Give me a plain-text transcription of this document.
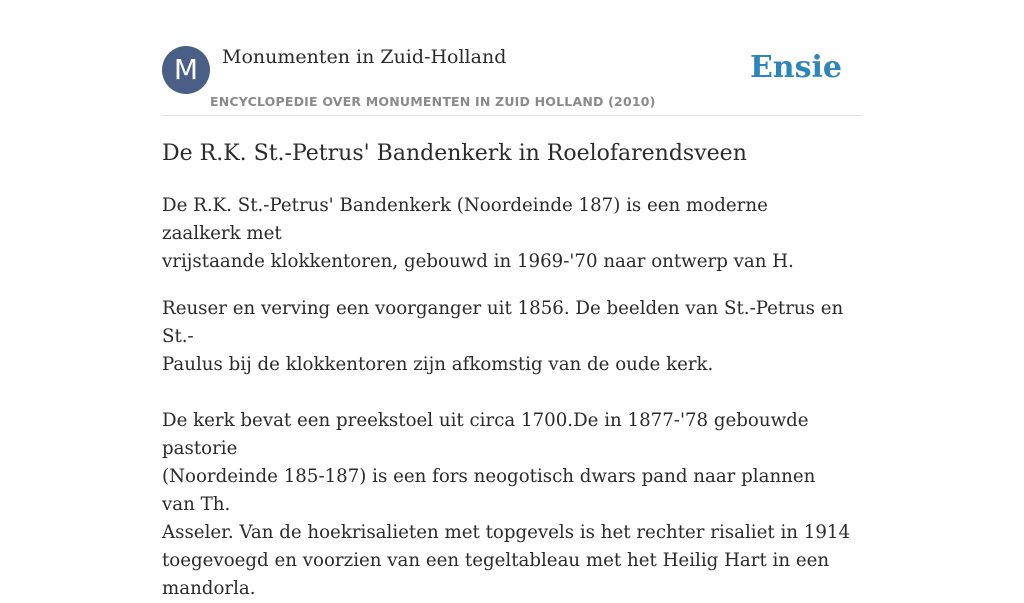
M	Monumenten in Zuid-Holland
ENCYCLOPEDIE OVER MONUMENTEN IN ZUID HOLLAND (2010)
Ensie
De R.K. St.-Petrus' Bandenkerk in Roelofarendsveen

De R.K. St.-Petrus' Bandenkerk (Noordeinde 187) is een moderne zaalkerk met
vrijstaande klokkentoren, gebouwd in 1969-'70 naar ontwerp van H.

Reuser en verving een voorganger uit 1856. De beelden van St.-Petrus en St.-
Paulus bij de klokkentoren zijn afkomstig van de oude kerk.

De kerk bevat een preekstoel uit circa 1700.De in 1877-'78 gebouwde pastorie
(Noordeinde 185-187) is een fors neogotisch dwars pand naar plannen van Th.
Asseler. Van de hoekrisalieten met topgevels is het rechter risaliet in 1914
toegevoegd en voorzien van een tegeltableau met het Heilig Hart in een
mandorla.
